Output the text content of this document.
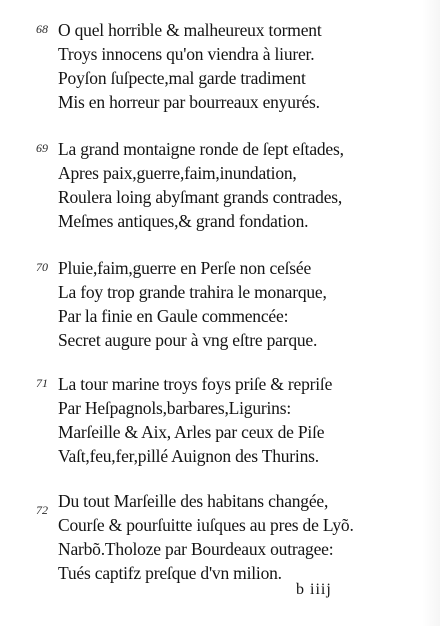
68 O quel horrible & malheureux torment
Troys innocens qu'on viendra à liurer.
Poyſon ſuſpecte,mal garde tradiment
Mis en horreur par bourreaux enyurés.
69 La grand montaigne ronde de ſept eſtades,
Apres paix,guerre,faim,inundation,
Roulera loing abyſmant grands contrades,
Meſmes antiques,& grand fondation.
70 Pluie,faim,guerre en Perſe non ceſsée
La foy trop grande trahira le monarque,
Par la finie en Gaule commencée:
Secret augure pour à vng eſtre parque.
71 La tour marine troys foys priſe & repriſe
Par Heſpagnols,barbares,Ligurins:
Marſeille & Aix, Arles par ceux de Piſe
Vaſt,feu,fer,pillé Auignon des Thurins.
72 Du tout Marſeille des habitans changée,
Courſe & pourſuitte iuſques au pres de Lyõ.
Narbõ.Tholoze par Bourdeaux outragee:
Tués captifz preſque d'vn milion.
b iiij
